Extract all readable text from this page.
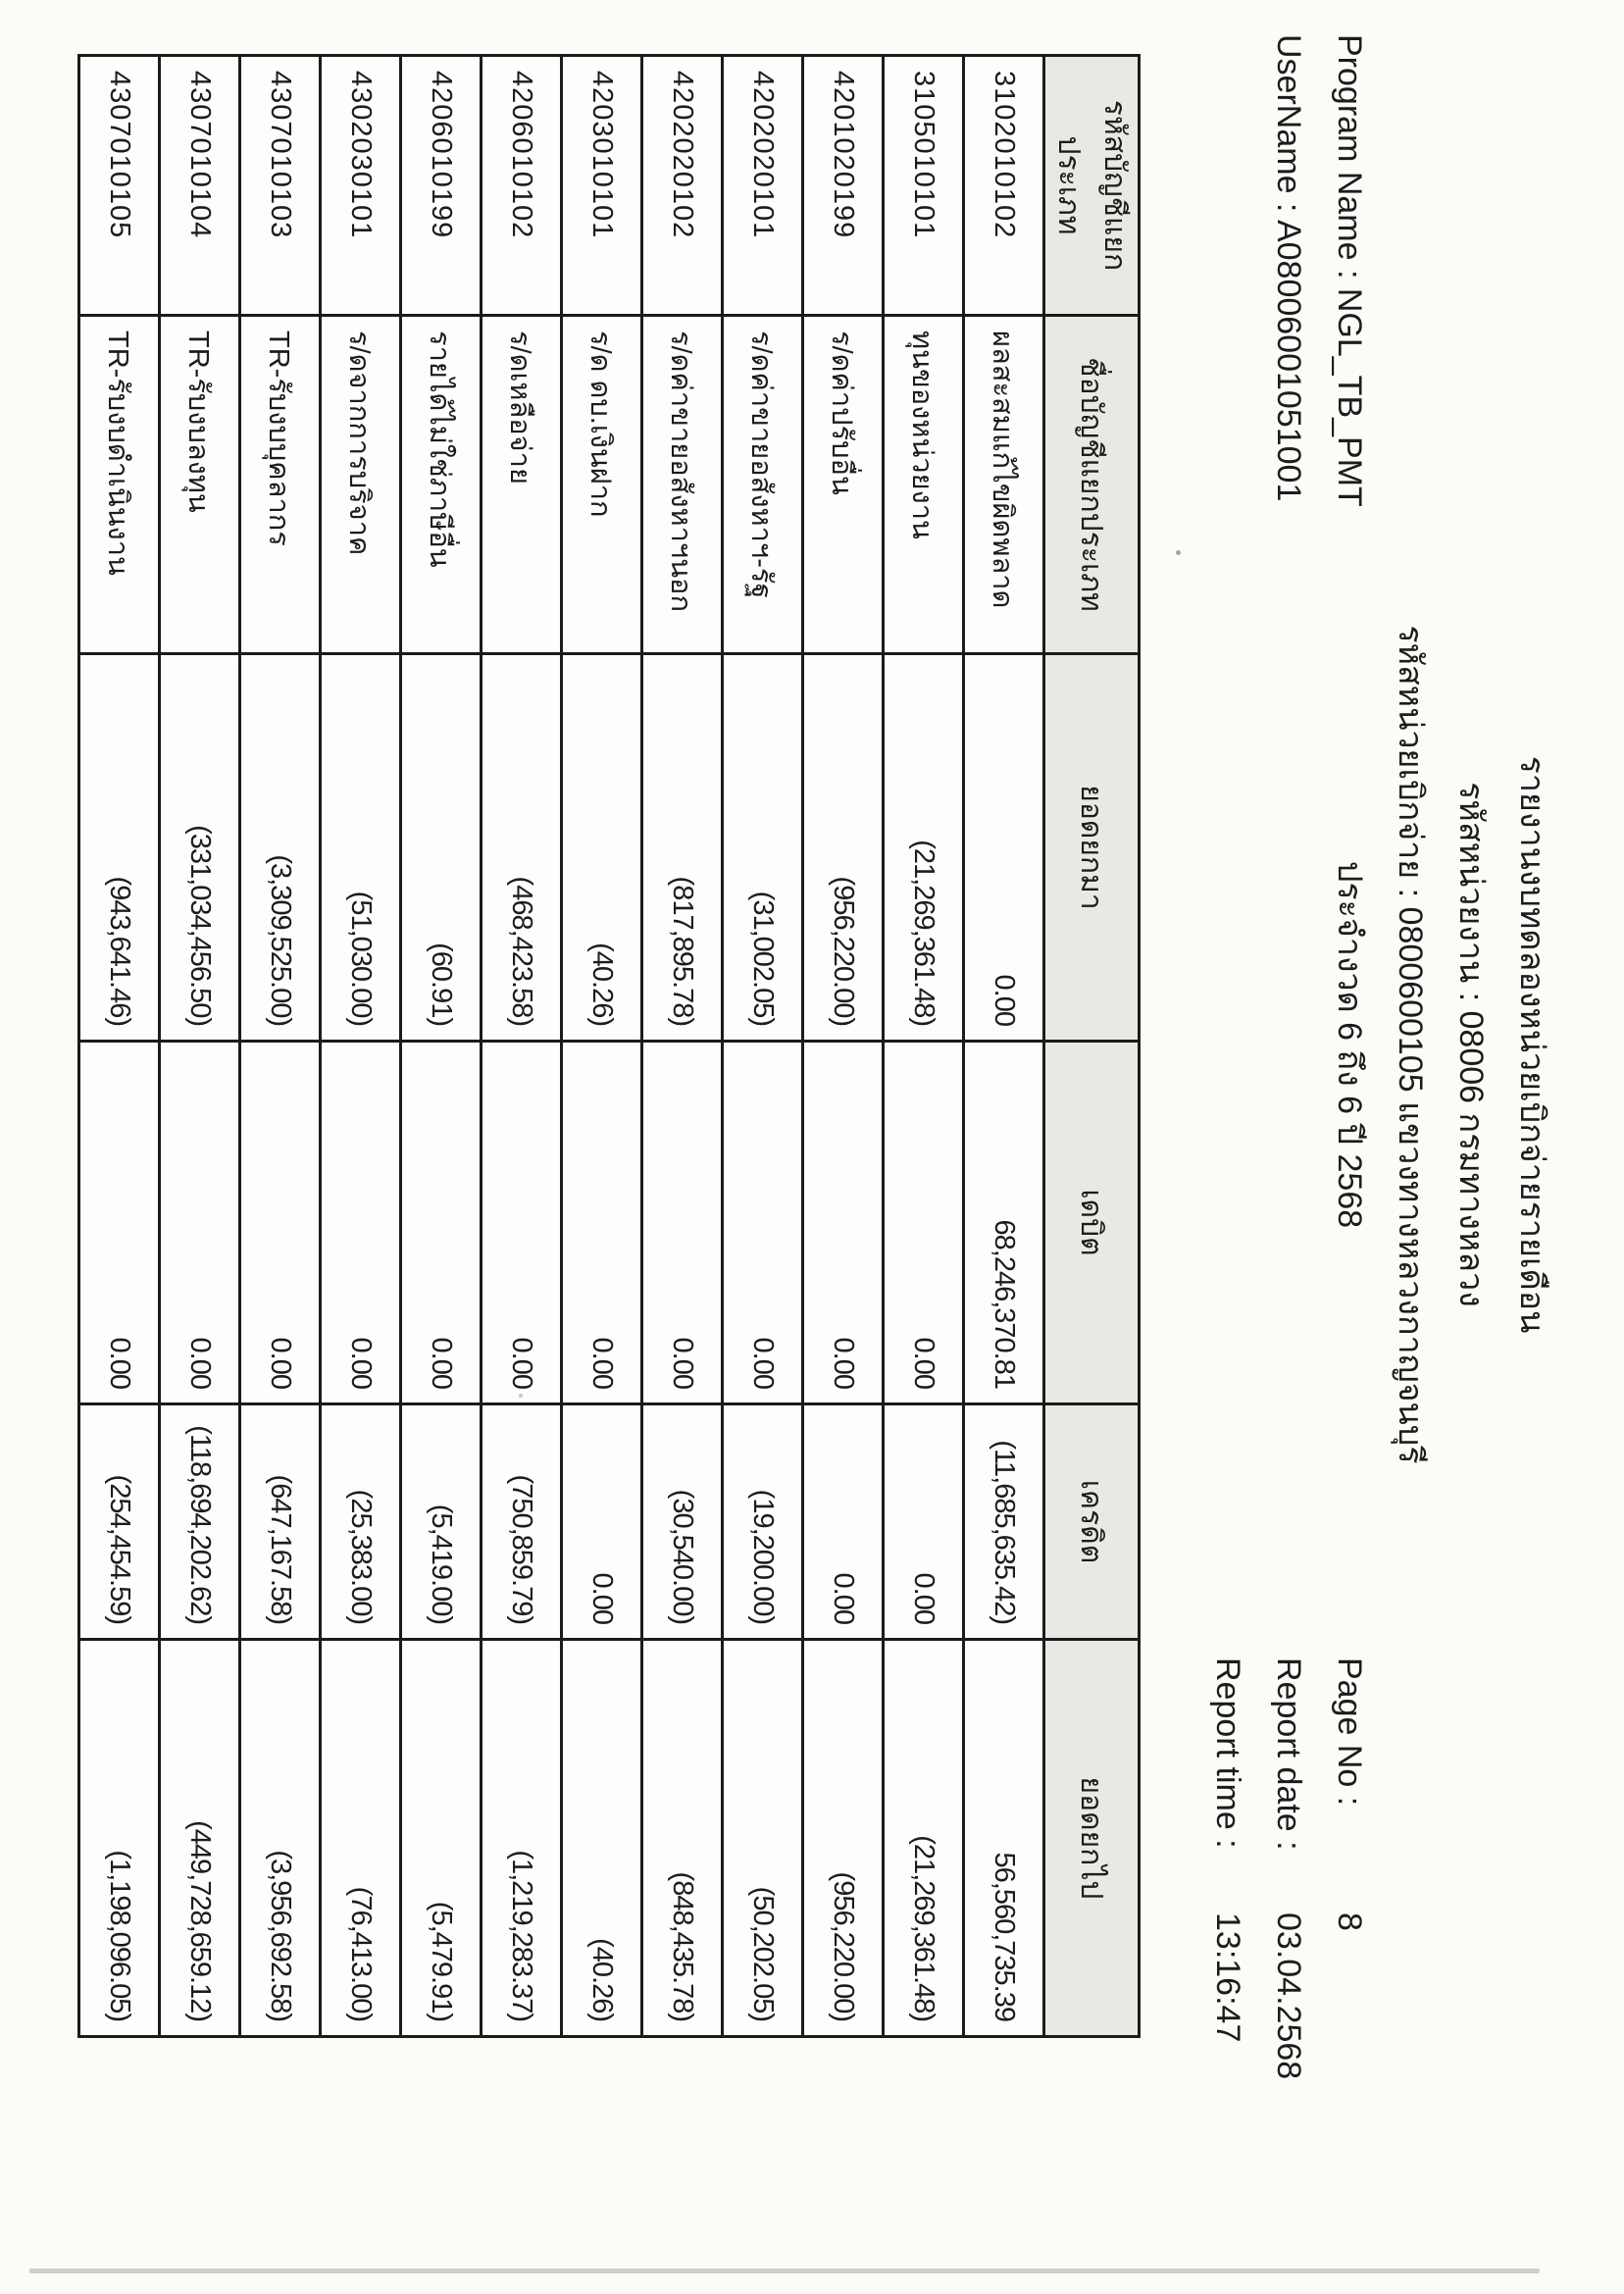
รายงานงบทดลองหน่วยเบิกจ่ายรายเดือน
รหัสหน่วยงาน : 08006 กรมทางหลวง
รหัสหน่วยเบิกจ่าย : 0800600105 แขวงทางหลวงกาญจนบุรี
ประจำงวด 6 ถึง 6 ปี 2568
Program Name : NGL_TB_PMT
UserName : A08006001051001
Page No :
8
Report date :
03.04.2568
Report time :
13:16:47
รหัสบัญชีแยกประเภท	ชื่อบัญชีแยกประเภท	ยอดยกมา	เดบิต	เครดิต	ยอดยกไป
3102010102	ผลสะสมแก้ไขผิดพลาด	0.00	68,246,370.81	(11,685,635.42)	56,560,735.39
3105010101	ทุนของหน่วยงาน	(21,269,361.48)	0.00	0.00	(21,269,361.48)
4201020199	ร/ดค่าปรับอื่น	(956,220.00)	0.00	0.00	(956,220.00)
4202020101	ร/ดค่าขายอสังหาฯ-รัฐ	(31,002.05)	0.00	(19,200.00)	(50,202.05)
4202020102	ร/ดค่าขายอสังหาฯนอก	(817,895.78)	0.00	(30,540.00)	(848,435.78)
4203010101	ร/ด ดบ.เงินฝาก	(40.26)	0.00	0.00	(40.26)
4206010102	ร/ดเหลือจ่าย	(468,423.58)	0.00	(750,859.79)	(1,219,283.37)
4206010199	รายได้ไม่ใช่ภาษีอื่น	(60.91)	0.00	(5,419.00)	(5,479.91)
4302030101	ร/ดจากการบริจาค	(51,030.00)	0.00	(25,383.00)	(76,413.00)
4307010103	TR-รับงบบุคลากร	(3,309,525.00)	0.00	(647,167.58)	(3,956,692.58)
4307010104	TR-รับงบลงทุน	(331,034,456.50)	0.00	(118,694,202.62)	(449,728,659.12)
4307010105	TR-รับงบดำเนินงาน	(943,641.46)	0.00	(254,454.59)	(1,198,096.05)
